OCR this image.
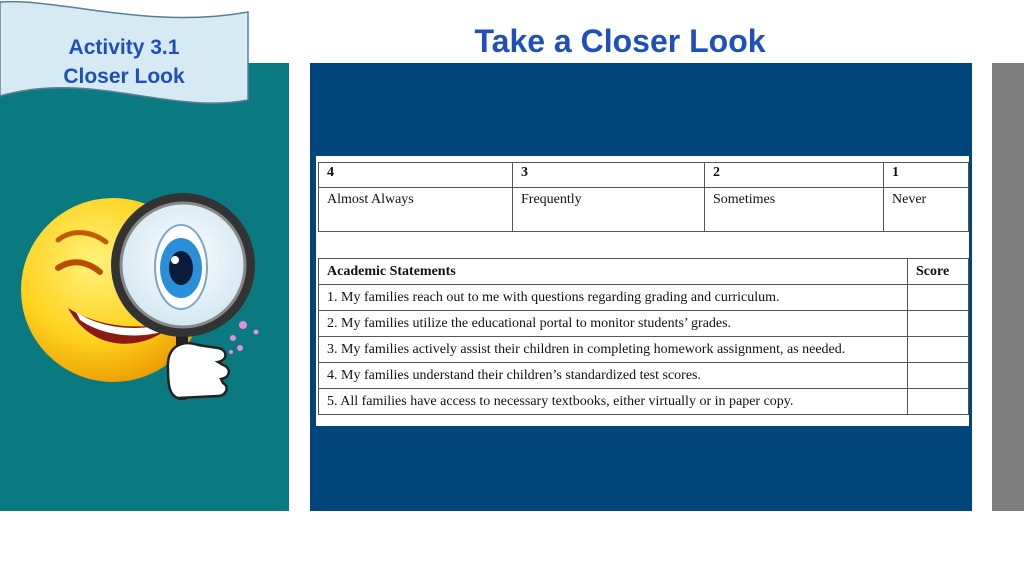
Activity 3.1
Closer Look
Take a Closer Look
4	3	2	1
Almost Always	Frequently	Sometimes	Never
Academic Statements	Score
1. My families reach out to me with questions regarding grading and curriculum.	
2. My families utilize the educational portal to monitor students’ grades.	
3. My families actively assist their children in completing homework assignment, as needed.	
4. My families understand their children’s standardized test scores.	
5. All families have access to necessary textbooks, either virtually or in paper copy.	
